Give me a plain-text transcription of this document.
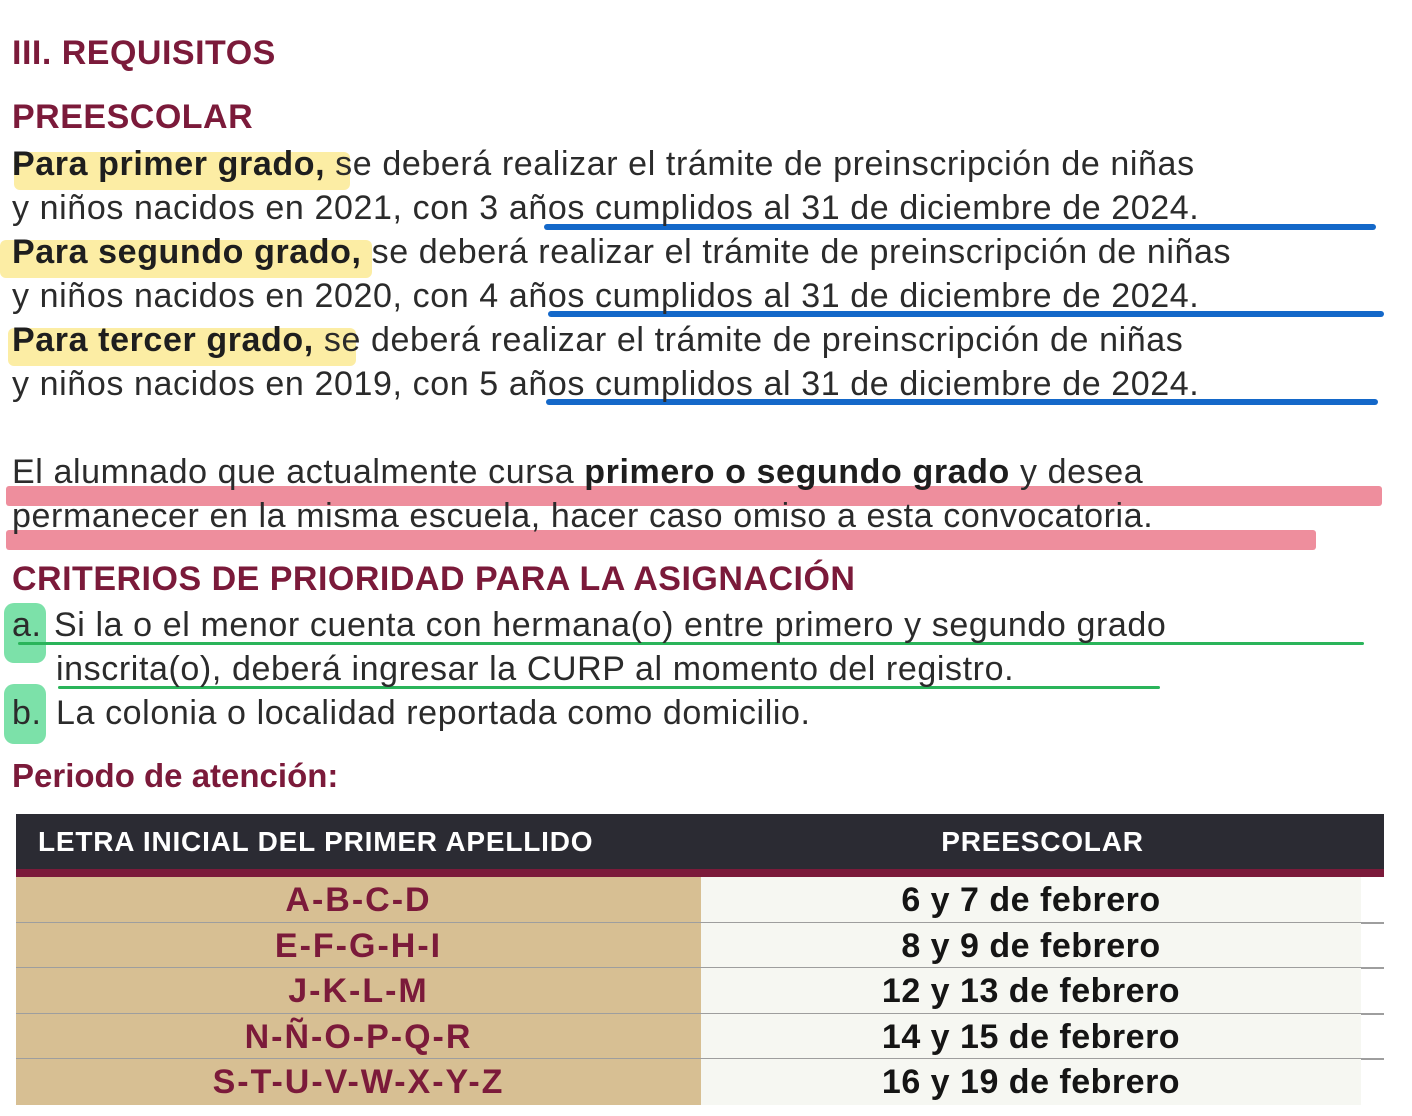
III. REQUISITOS
PREESCOLAR

Para primer grado, se deberá realizar el trámite de preinscripción de niñas

y niños nacidos en 2021, con 3 años cumplidos al 31 de diciembre de 2024.

Para segundo grado, se deberá realizar el trámite de preinscripción de niñas

y niños nacidos en 2020, con 4 años cumplidos al 31 de diciembre de 2024.

Para tercer grado, se deberá realizar el trámite de preinscripción de niñas

y niños nacidos en 2019, con 5 años cumplidos al 31 de diciembre de 2024.

El alumnado que actualmente cursa primero o segundo grado y desea

permanecer en la misma escuela, hacer caso omiso a esta convocatoria.

CRITERIOS DE PRIORIDAD PARA LA ASIGNACIÓN
a. Si la o el menor cuenta con hermana(o) entre primero y segundo grado
inscrita(o), deberá ingresar la CURP al momento del registro.
b. La colonia o localidad reportada como domicilio.
Periodo de atención:
LETRA INICIAL DEL PRIMER APELLIDO	PREESCOLAR
A-B-C-D	6 y 7 de febrero
E-F-G-H-I	8 y 9 de febrero
J-K-L-M	12 y 13 de febrero
N-Ñ-O-P-Q-R	14 y 15 de febrero
S-T-U-V-W-X-Y-Z	16 y 19 de febrero
